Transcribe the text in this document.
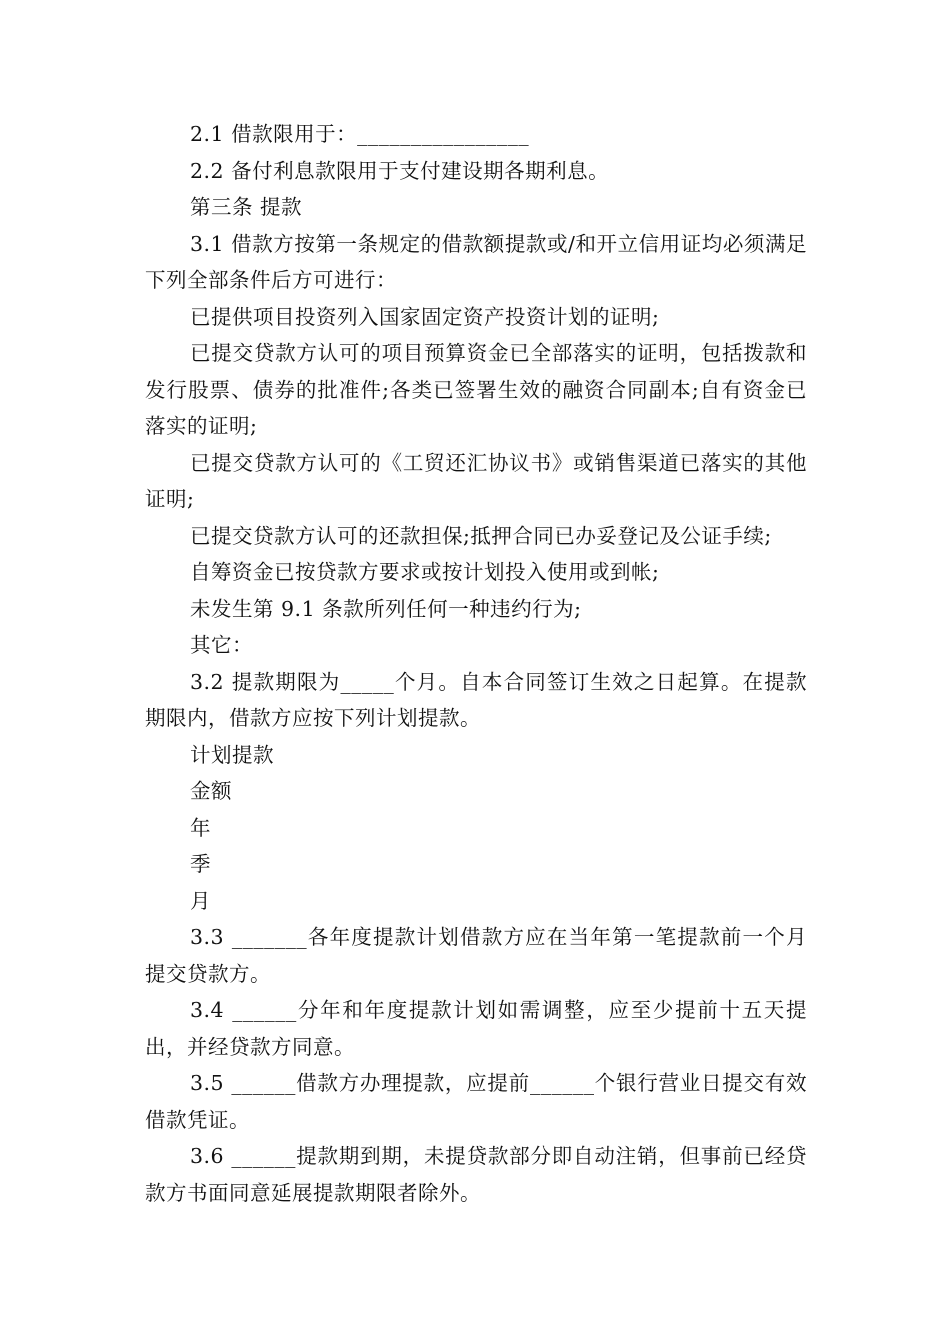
2.1 借款限用于：________________

2.2 备付利息款限用于支付建设期各期利息。

第三条 提款

3.1 借款方按第一条规定的借款额提款或/和开立信用证均必须满足下列全部条件后方可进行：

已提供项目投资列入国家固定资产投资计划的证明;

已提交贷款方认可的项目预算资金已全部落实的证明，包括拨款和发行股票、债券的批准件;各类已签署生效的融资合同副本;自有资金已落实的证明;

已提交贷款方认可的《工贸还汇协议书》或销售渠道已落实的其他证明;

已提交贷款方认可的还款担保;抵押合同已办妥登记及公证手续;

自筹资金已按贷款方要求或按计划投入使用或到帐;

未发生第 9.1 条款所列任何一种违约行为;

其它：

3.2 提款期限为_____个月。自本合同签订生效之日起算。在提款期限内，借款方应按下列计划提款。

计划提款

金额

年

季

月

3.3 _______各年度提款计划借款方应在当年第一笔提款前一个月提交贷款方。

3.4 ______分年和年度提款计划如需调整，应至少提前十五天提出，并经贷款方同意。

3.5 ______借款方办理提款，应提前______个银行营业日提交有效借款凭证。

3.6 ______提款期到期，未提贷款部分即自动注销，但事前已经贷款方书面同意延展提款期限者除外。
